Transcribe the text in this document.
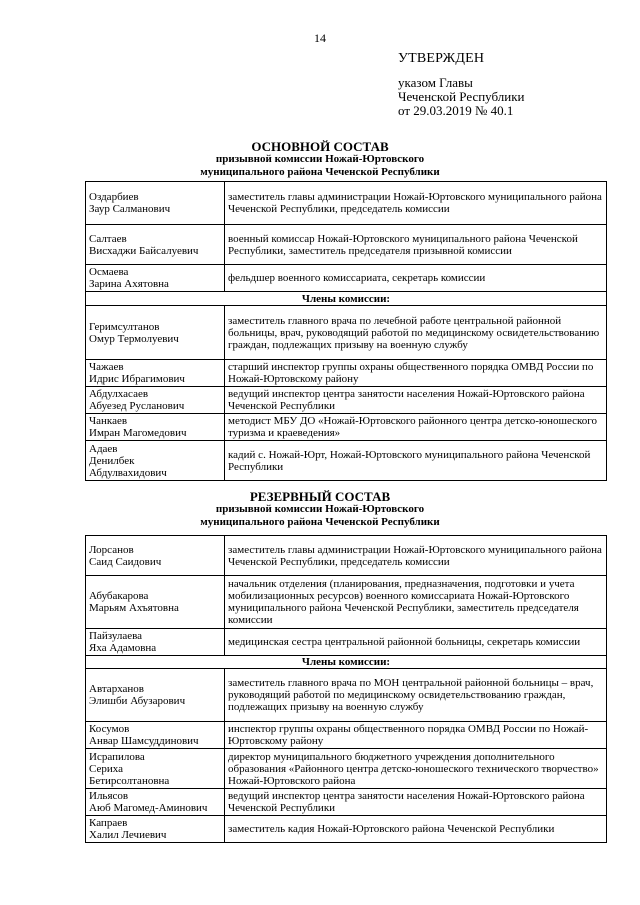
14
УТВЕРЖДЕН
указом Главы
Чеченской Республики
от 29.03.2019 № 40.1
ОСНОВНОЙ СОСТАВ
призывной комиссии Ножай-Юртовского
муниципального района Чеченской Республики
Оздарбиев
Заур Салманович	заместитель главы администрации Ножай-Юртовского муниципального района Чеченской Республики, председатель комиссии

Салтаев
Висхаджи Байсалуевич	военный комиссар Ножай-Юртовского муниципального района Чеченской Республики, заместитель председателя призывной комиссии

Осмаева
Зарина Ахятовна	фельдшер военного комиссариата, секретарь комиссии
Члены комиссии:	

Геримсултанов
Омур Термолуевич	заместитель главного врача по лечебной работе центральной районной больницы, врач, руководящий работой по медицинскому освидетельствованию граждан, подлежащих призыву на военную службу

Чажаев
Идрис Ибрагимович	старший инспектор группы охраны общественного порядка ОМВД России по Ножай-Юртовскому району

Абдулхасаев
Абуезед Русланович	ведущий инспектор центра занятости населения Ножай-Юртовского района Чеченской Республики

Чанкаев
Имран Магомедович	методист МБУ ДО «Ножай-Юртовского районного центра детско-юношеского туризма и краеведения»

Адаев
Денилбек
Абдулвахидович	кадий с. Ножай-Юрт, Ножай-Юртовского муниципального района Чеченской Республики
РЕЗЕРВНЫЙ СОСТАВ
призывной комиссии Ножай-Юртовского
муниципального района Чеченской Республики
Лорсанов
Саид Саидович	заместитель главы администрации Ножай-Юртовского муниципального района Чеченской Республики, председатель комиссии

Абубакарова
Марьям Ахъятовна	начальник отделения (планирования, предназначения, подготовки и учета мобилизационных ресурсов) военного комиссариата Ножай-Юртовского муниципального района Чеченской Республики, заместитель председателя комиссии

Пайзулаева
Яха Адамовна	медицинская сестра центральной районной больницы, секретарь комиссии
Члены комиссии:	

Автарханов
Элишби Абузарович	заместитель главного врача по МОН центральной районной больницы – врач, руководящий работой по медицинскому освидетельствованию граждан, подлежащих призыву на военную службу

Косумов
Анвар Шамсуддинович	инспектор группы охраны общественного порядка ОМВД России по Ножай-Юртовскому району

Исрапилова
Сериха
Бетирсолтановна	директор муниципального бюджетного учреждения дополнительного образования «Районного центра детско-юношеского технического творчество» Ножай-Юртовского района

Ильясов
Аюб Магомед-Аминович	ведущий инспектор центра занятости населения Ножай-Юртовского района Чеченской Республики

Капраев
Халил Лечиевич	заместитель кадия Ножай-Юртовского района Чеченской Республики
